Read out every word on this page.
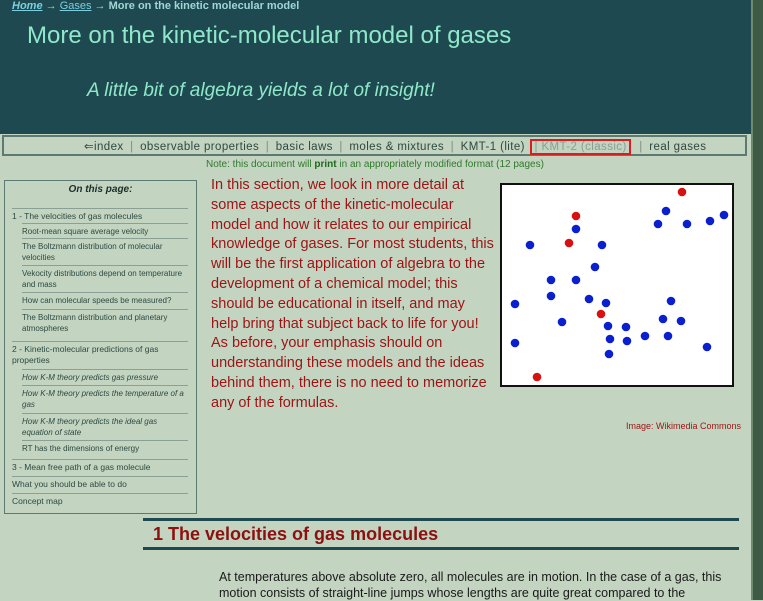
Home → Gases → More on the kinetic molecular model
More on the kinetic-molecular model of gases
A little bit of algebra yields a lot of insight!
⇐index | observable properties | basic laws | moles & mixtures | KMT-1 (lite) | KMT-2 (classic) | real gases
Note: this document will print in an appropriately modified format (12 pages)
On this page:
1 - The velocities of gas molecules
Root-mean square average velocity
The Boltzmann distribution of molecular velocities
Vekocity distributions depend on temperature and mass
How can molecular speeds be measured?
The Boltzmann distribution and planetary atmospheres
2 - Kinetic-molecular predictions of gas properties
How K-M theory predicts gas pressure
How K-M theory predicts the temperature of a gas
How K-M theory predicts the ideal gas equation of state
RT has the dimensions of energy
3 - Mean free path of a gas molecule
What you should be able to do
Concept map
In this section, we look in more detail at some aspects of the kinetic-molecular model and how it relates to our empirical knowledge of gases. For most students, this will be the first application of algebra to the development of a chemical model; this should be educational in itself, and may help bring that subject back to life for you! As before, your emphasis should on understanding these models and the ideas behind them, there is no need to memorize any of the formulas.
Image: Wikimedia Commons
1 The velocities of gas molecules
At temperatures above absolute zero, all molecules are in motion. In the case of a gas, this motion consists of straight-line jumps whose lengths are quite great compared to the
